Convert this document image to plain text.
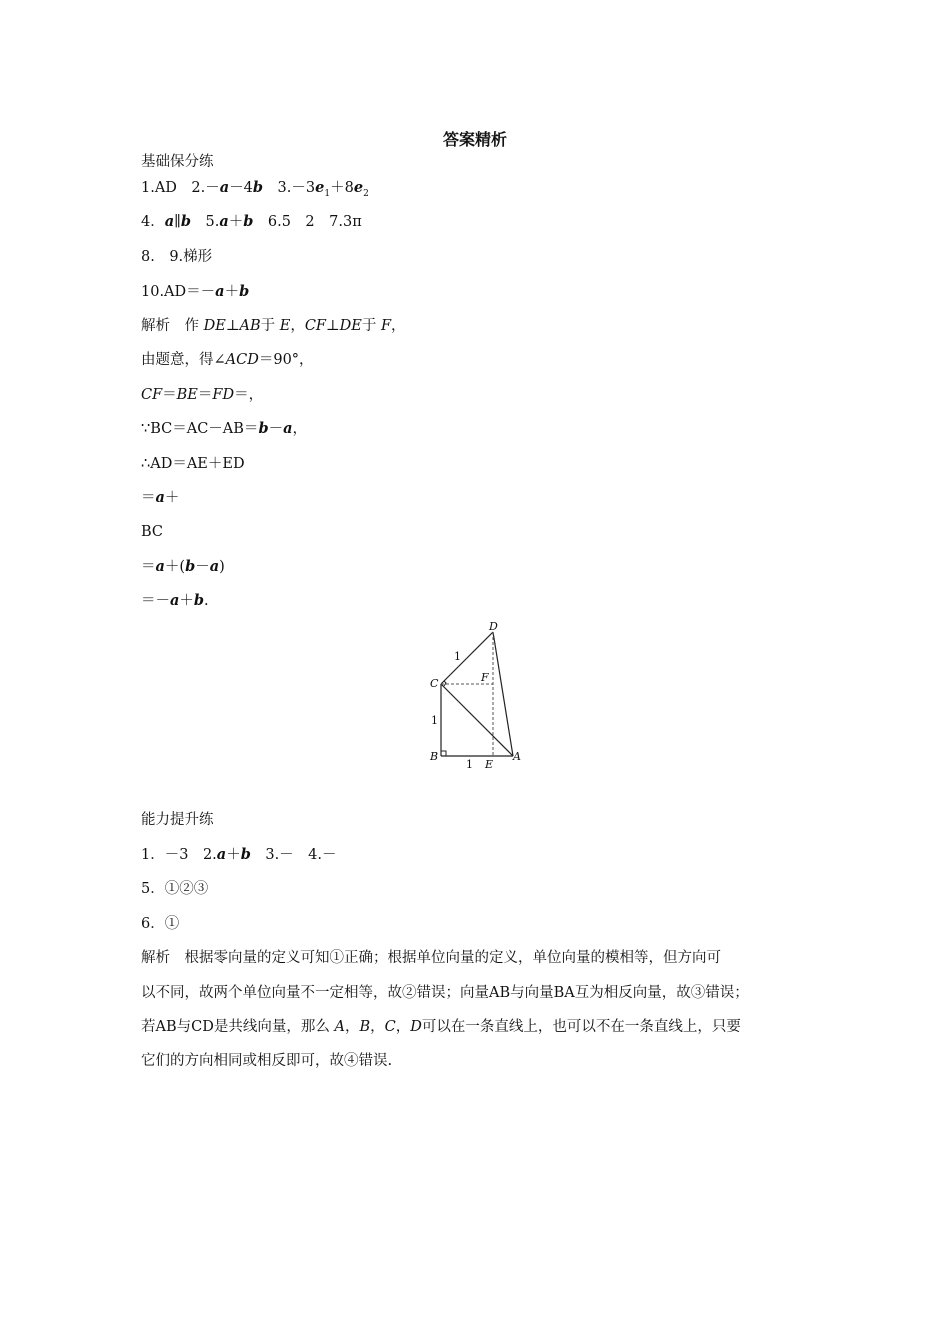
答案精析
基础保分练
1.AD　2.－a－4b　$3.-3e_1+8e_2$
4．a∥b　5.a＋b　6.5　2　7.3π
8.　9.梯形
10.AD＝－a＋b
解析　 作 DE⊥AB于 E，CF⊥DE于 F，
由题意，得∠ACD＝90°，
CF＝BE＝FD＝，
∵BC＝AC－AB＝b－a，
∴AD＝AE＋ED
＝a＋
BC
＝a＋(b－a)
＝－a＋b.
D
C	F
B	A
E
1
1
1
能力提升练
1．－3　2.a＋b　3.－　4.－
5．①②③
6．①
解析　根据零向量的定义可知①正确；根据单位向量的定义，单位向量的模相等，但方向可
以不同，故两个单位向量不一定相等，故②错误；向量AB与向量BA互为相反向量，故③错误；
若AB与CD是共线向量，那么 A，B，C，D可以在一条直线上，也可以不在一条直线上，只要
它们的方向相同或相反即可，故④错误.
